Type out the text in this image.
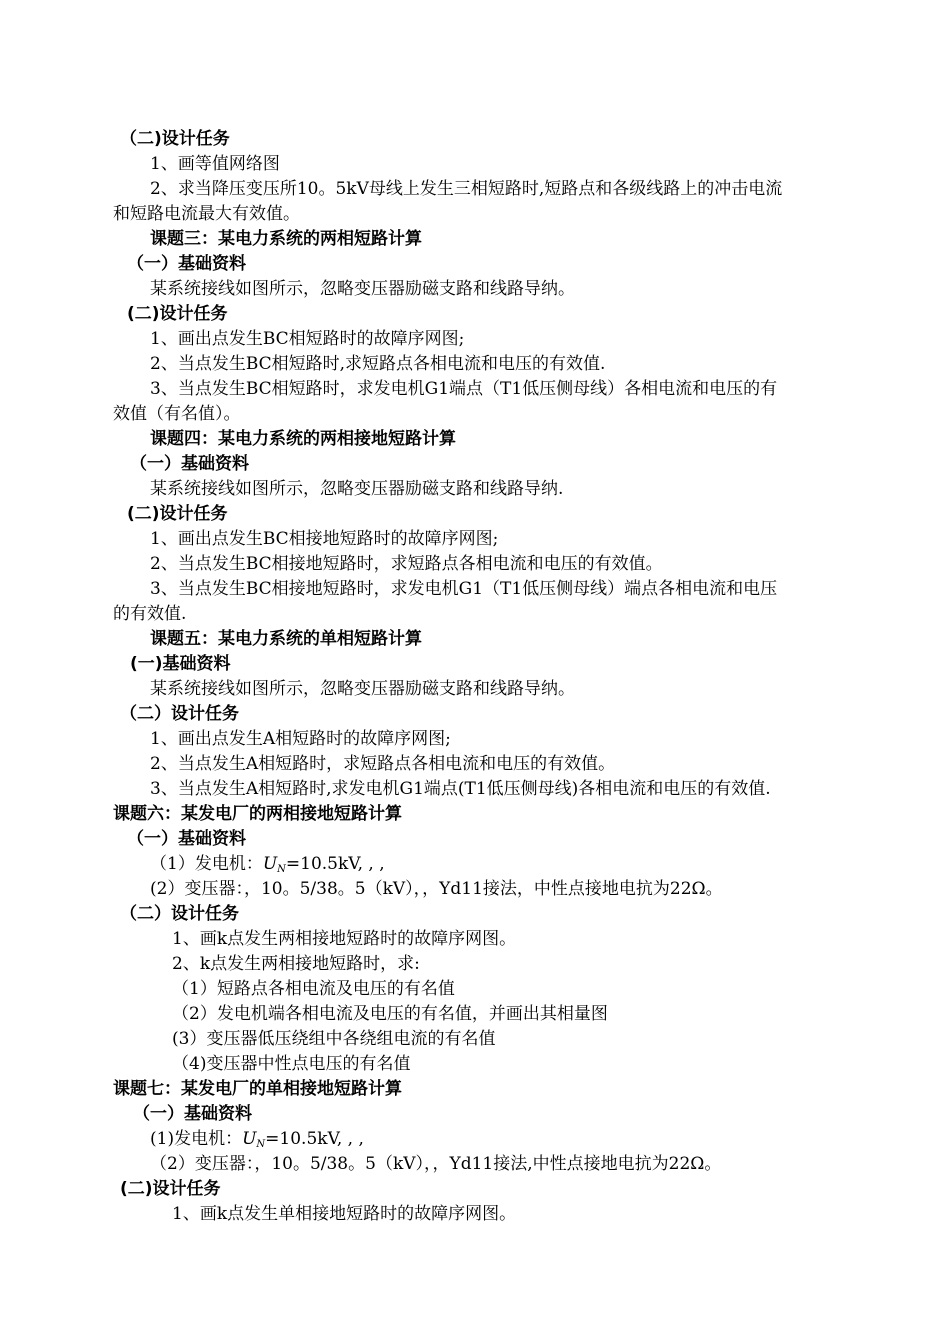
（二)设计任务
1、画等值网络图
2、求当降压变压所10。5kV母线上发生三相短路时,短路点和各级线路上的冲击电流
和短路电流最大有效值。
课题三：某电力系统的两相短路计算
（一）基础资料
某系统接线如图所示，忽略变压器励磁支路和线路导纳。
(二)设计任务
1、画出点发生BC相短路时的故障序网图;
2、当点发生BC相短路时,求短路点各相电流和电压的有效值.
3、当点发生BC相短路时，求发电机G1端点（T1低压侧母线）各相电流和电压的有
效值（有名值）。
课题四：某电力系统的两相接地短路计算
（一）基础资料
某系统接线如图所示，忽略变压器励磁支路和线路导纳.
(二)设计任务
1、画出点发生BC相接地短路时的故障序网图;
2、当点发生BC相接地短路时，求短路点各相电流和电压的有效值。
3、当点发生BC相接地短路时，求发电机G1（T1低压侧母线）端点各相电流和电压
的有效值.
课题五：某电力系统的单相短路计算
(一)基础资料
某系统接线如图所示，忽略变压器励磁支路和线路导纳。
（二）设计任务
1、画出点发生A相短路时的故障序网图;
2、当点发生A相短路时，求短路点各相电流和电压的有效值。
3、当点发生A相短路时,求发电机G1端点(T1低压侧母线)各相电流和电压的有效值.
课题六：某发电厂的两相接地短路计算
（一）基础资料
（1）发电机：$U_N=10.5kV$, , ,
(2）变压器：，10。5/38。5（kV），，Yd11接法，中性点接地电抗为22Ω。
（二）设计任务
1、画k点发生两相接地短路时的故障序网图。
2、k点发生两相接地短路时，求:
（1）短路点各相电流及电压的有名值
（2）发电机端各相电流及电压的有名值，并画出其相量图
(3）变压器低压绕组中各绕组电流的有名值
（4)变压器中性点电压的有名值
课题七：某发电厂的单相接地短路计算
（一）基础资料
(1)发电机：$U_N=10.5kV$, , ,
（2）变压器：，10。5/38。5（kV），，Yd11接法,中性点接地电抗为22Ω。
(二)设计任务
1、画k点发生单相接地短路时的故障序网图。
